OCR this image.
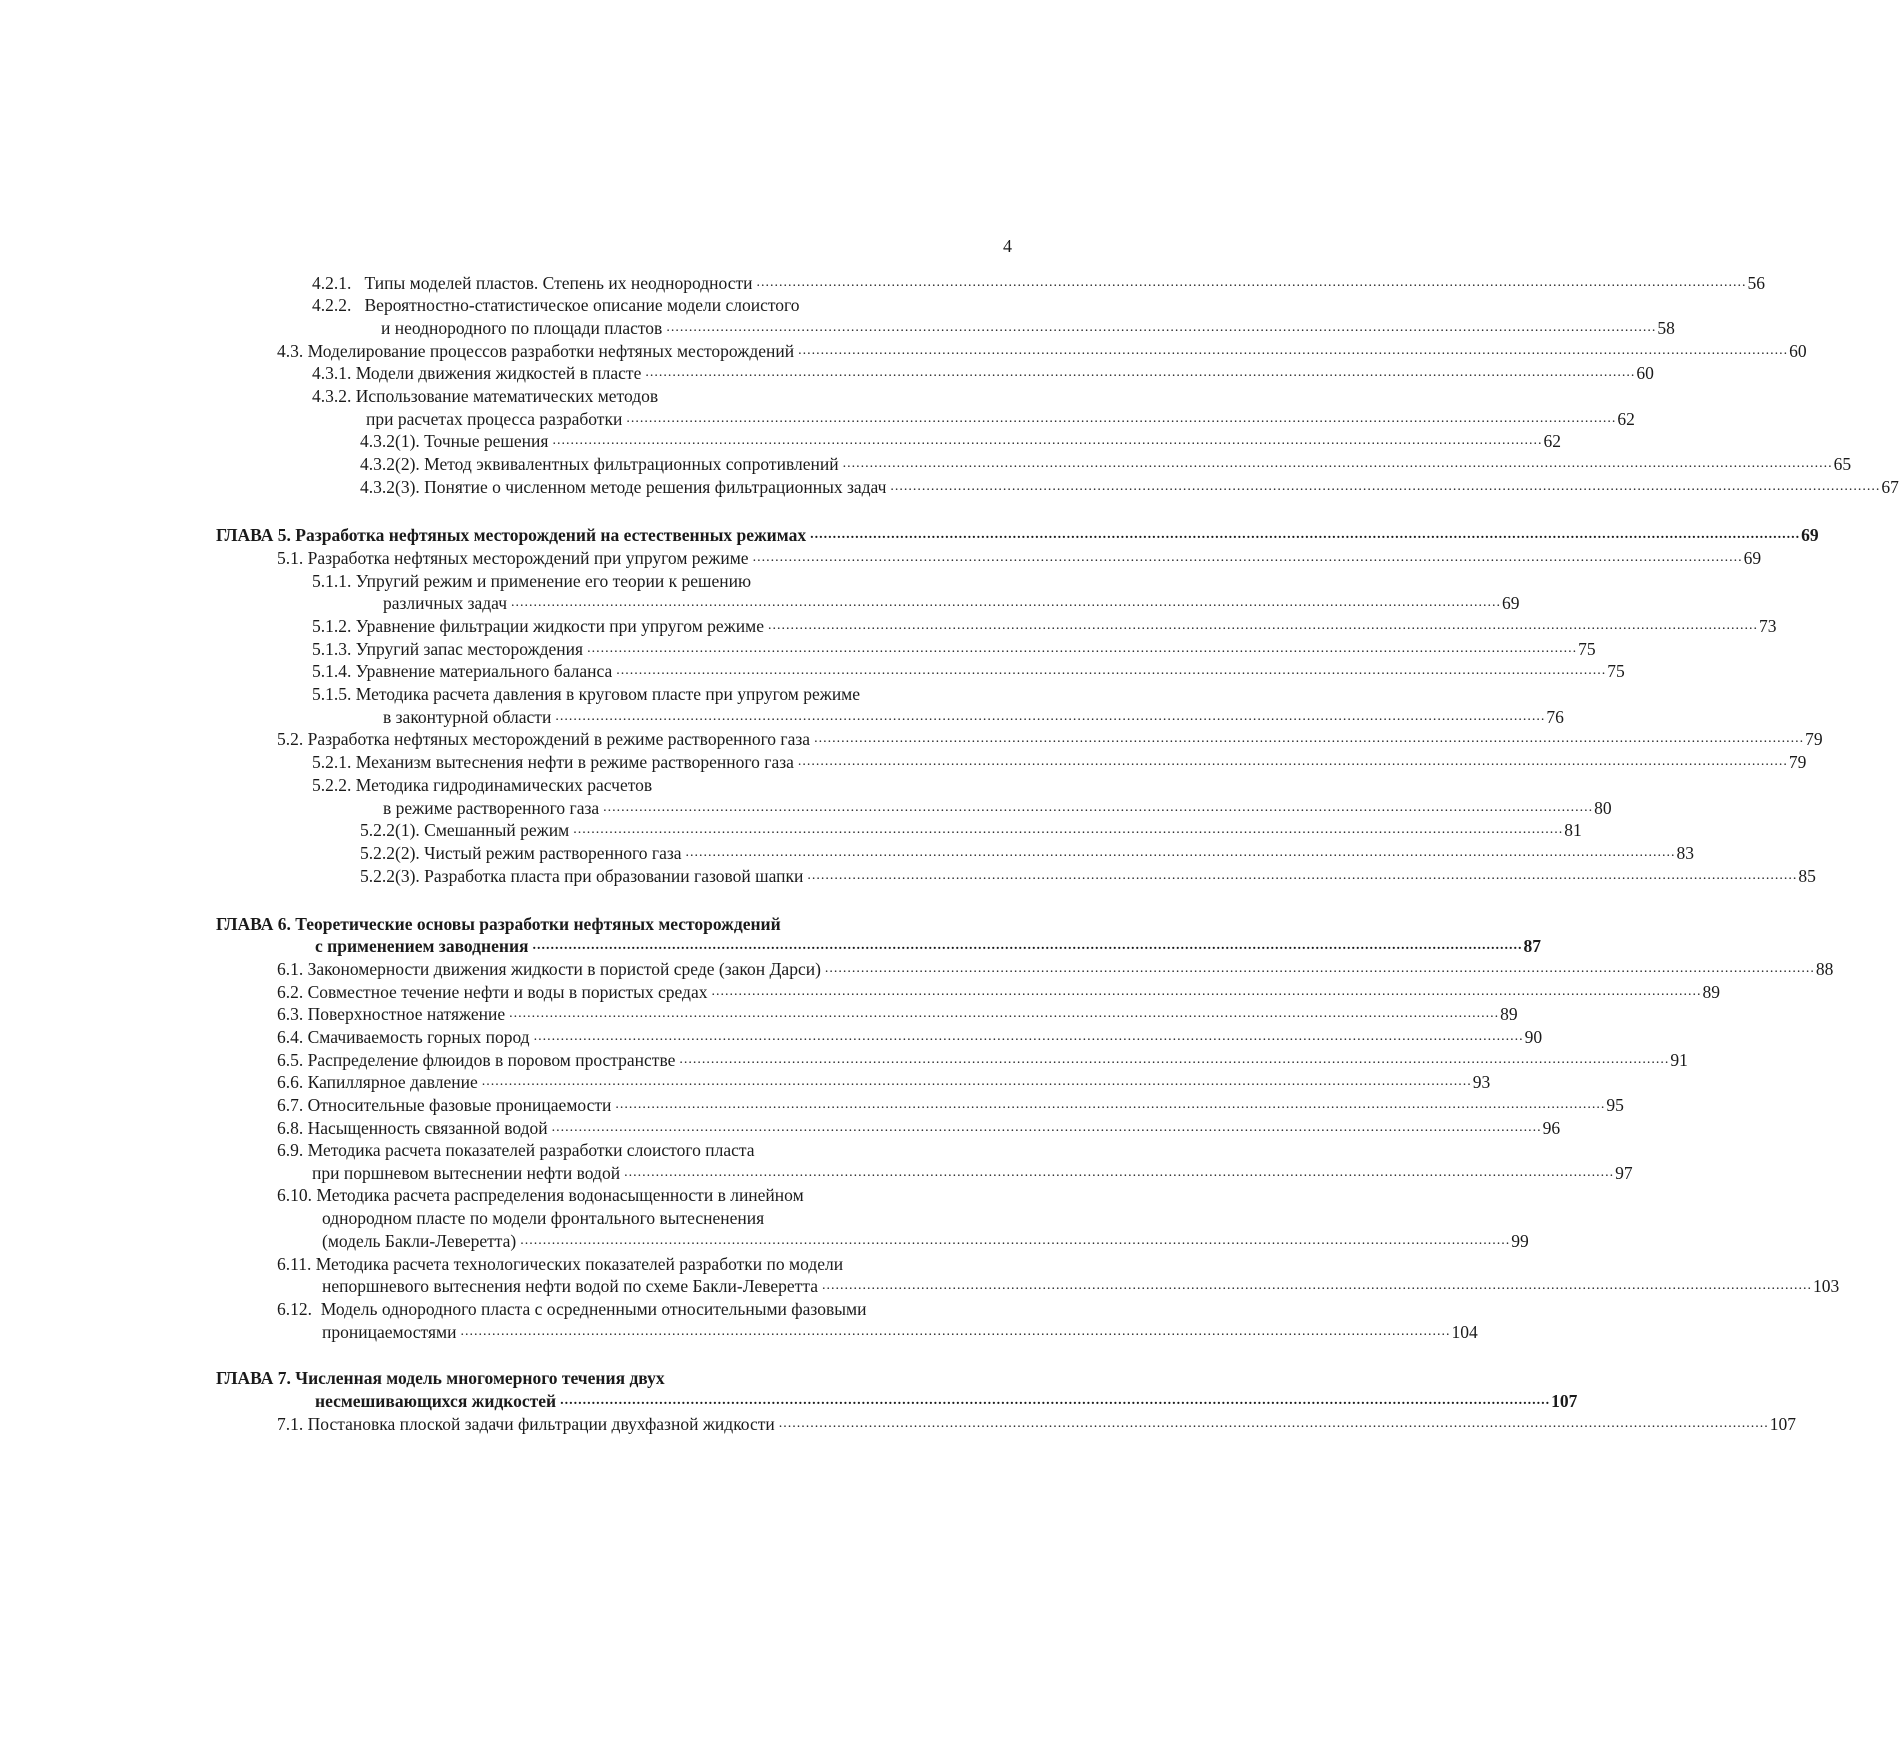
4
4.2.1.   Типы моделей пластов. Степень их неоднородности ............................................................................................................................................................................................................................ 56
4.2.2.   Вероятностно-статистическое описание модели слоистого
и неоднородного по площади пластов ............................................................................................................................................................................................................................ 58
4.3. Моделирование процессов разработки нефтяных месторождений ............................................................................................................................................................................................................................ 60
4.3.1. Модели движения жидкостей в пласте ............................................................................................................................................................................................................................ 60
4.3.2. Использование математических методов
при расчетах процесса разработки ............................................................................................................................................................................................................................ 62
4.3.2(1). Точные решения ............................................................................................................................................................................................................................ 62
4.3.2(2). Метод эквивалентных фильтрационных сопротивлений ............................................................................................................................................................................................................................ 65
4.3.2(3). Понятие о численном методе решения фильтрационных задач ............................................................................................................................................................................................................................ 67
ГЛАВА 5. Разработка нефтяных месторождений на естественных режимах ............................................................................................................................................................................................................................ 69
5.1. Разработка нефтяных месторождений при упругом режиме ............................................................................................................................................................................................................................ 69
5.1.1. Упругий режим и применение его теории к решению
различных задач ............................................................................................................................................................................................................................ 69
5.1.2. Уравнение фильтрации жидкости при упругом режиме ............................................................................................................................................................................................................................ 73
5.1.3. Упругий запас месторождения ............................................................................................................................................................................................................................ 75
5.1.4. Уравнение материального баланса ............................................................................................................................................................................................................................ 75
5.1.5. Методика расчета давления в круговом пласте при упругом режиме
в законтурной области ............................................................................................................................................................................................................................ 76
5.2. Разработка нефтяных месторождений в режиме растворенного газа ............................................................................................................................................................................................................................ 79
5.2.1. Механизм вытеснения нефти в режиме растворенного газа ............................................................................................................................................................................................................................ 79
5.2.2. Методика гидродинамических расчетов
в режиме растворенного газа ............................................................................................................................................................................................................................ 80
5.2.2(1). Смешанный режим ............................................................................................................................................................................................................................ 81
5.2.2(2). Чистый режим растворенного газа ............................................................................................................................................................................................................................ 83
5.2.2(3). Разработка пласта при образовании газовой шапки ............................................................................................................................................................................................................................ 85
ГЛАВА 6. Теоретические основы разработки нефтяных месторождений
с применением заводнения ............................................................................................................................................................................................................................ 87
6.1. Закономерности движения жидкости в пористой среде (закон Дарси) ............................................................................................................................................................................................................................ 88
6.2. Совместное течение нефти и воды в пористых средах ............................................................................................................................................................................................................................ 89
6.3. Поверхностное натяжение ............................................................................................................................................................................................................................ 89
6.4. Смачиваемость горных пород ............................................................................................................................................................................................................................ 90
6.5. Распределение флюидов в поровом пространстве ............................................................................................................................................................................................................................ 91
6.6. Капиллярное давление ............................................................................................................................................................................................................................ 93
6.7. Относительные фазовые проницаемости ............................................................................................................................................................................................................................ 95
6.8. Насыщенность связанной водой ............................................................................................................................................................................................................................ 96
6.9. Методика расчета показателей разработки слоистого пласта
при поршневом вытеснении нефти водой ............................................................................................................................................................................................................................ 97
6.10. Методика расчета распределения водонасыщенности в линейном
однородном пласте по модели фронтального вытесненения
(модель Бакли-Леверетта) ............................................................................................................................................................................................................................ 99
6.11. Методика расчета технологических показателей разработки по модели
непоршневого вытеснения нефти водой по схеме Бакли-Леверетта ............................................................................................................................................................................................................................ 103
6.12.  Модель однородного пласта с осредненными относительными фазовыми
проницаемостями ............................................................................................................................................................................................................................ 104
ГЛАВА 7. Численная модель многомерного течения двух
несмешивающихся жидкостей ............................................................................................................................................................................................................................ 107
7.1. Постановка плоской задачи фильтрации двухфазной жидкости ............................................................................................................................................................................................................................ 107
